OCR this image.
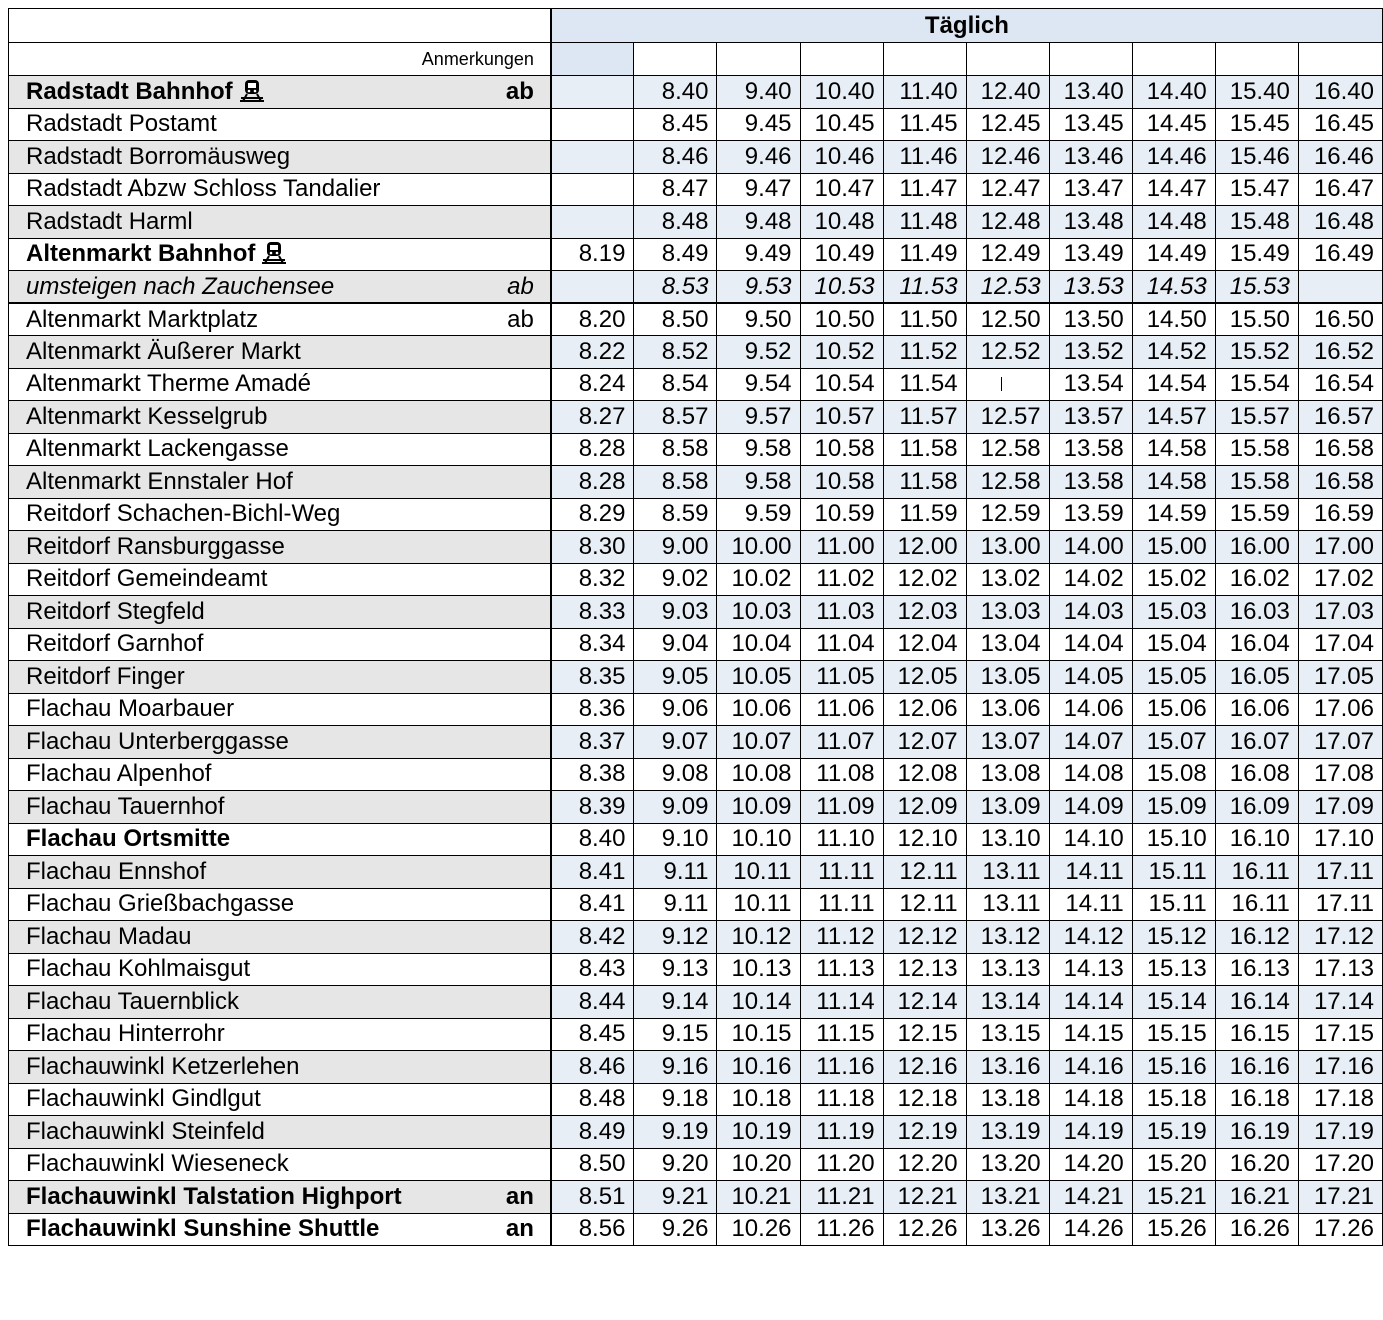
	Täglich									
Anmerkungen										
Radstadt Bahnhof ab		8.40	9.40	10.40	11.40	12.40	13.40	14.40	15.40	16.40
Radstadt Postamt		8.45	9.45	10.45	11.45	12.45	13.45	14.45	15.45	16.45
Radstadt Borromäusweg		8.46	9.46	10.46	11.46	12.46	13.46	14.46	15.46	16.46
Radstadt Abzw Schloss Tandalier		8.47	9.47	10.47	11.47	12.47	13.47	14.47	15.47	16.47
Radstadt Harml		8.48	9.48	10.48	11.48	12.48	13.48	14.48	15.48	16.48
Altenmarkt Bahnhof	8.19	8.49	9.49	10.49	11.49	12.49	13.49	14.49	15.49	16.49
umsteigen nach Zauchensee ab		8.53	9.53	10.53	11.53	12.53	13.53	14.53	15.53	
Altenmarkt Marktplatz ab	8.20	8.50	9.50	10.50	11.50	12.50	13.50	14.50	15.50	16.50
Altenmarkt Äußerer Markt	8.22	8.52	9.52	10.52	11.52	12.52	13.52	14.52	15.52	16.52
Altenmarkt Therme Amadé	8.24	8.54	9.54	10.54	11.54		13.54	14.54	15.54	16.54
Altenmarkt Kesselgrub	8.27	8.57	9.57	10.57	11.57	12.57	13.57	14.57	15.57	16.57
Altenmarkt Lackengasse	8.28	8.58	9.58	10.58	11.58	12.58	13.58	14.58	15.58	16.58
Altenmarkt Ennstaler Hof	8.28	8.58	9.58	10.58	11.58	12.58	13.58	14.58	15.58	16.58
Reitdorf Schachen-Bichl-Weg	8.29	8.59	9.59	10.59	11.59	12.59	13.59	14.59	15.59	16.59
Reitdorf Ransburggasse	8.30	9.00	10.00	11.00	12.00	13.00	14.00	15.00	16.00	17.00
Reitdorf Gemeindeamt	8.32	9.02	10.02	11.02	12.02	13.02	14.02	15.02	16.02	17.02
Reitdorf Stegfeld	8.33	9.03	10.03	11.03	12.03	13.03	14.03	15.03	16.03	17.03
Reitdorf Garnhof	8.34	9.04	10.04	11.04	12.04	13.04	14.04	15.04	16.04	17.04
Reitdorf Finger	8.35	9.05	10.05	11.05	12.05	13.05	14.05	15.05	16.05	17.05
Flachau Moarbauer	8.36	9.06	10.06	11.06	12.06	13.06	14.06	15.06	16.06	17.06
Flachau Unterberggasse	8.37	9.07	10.07	11.07	12.07	13.07	14.07	15.07	16.07	17.07
Flachau Alpenhof	8.38	9.08	10.08	11.08	12.08	13.08	14.08	15.08	16.08	17.08
Flachau Tauernhof	8.39	9.09	10.09	11.09	12.09	13.09	14.09	15.09	16.09	17.09
Flachau Ortsmitte	8.40	9.10	10.10	11.10	12.10	13.10	14.10	15.10	16.10	17.10
Flachau Ennshof	8.41	9.11	10.11	11.11	12.11	13.11	14.11	15.11	16.11	17.11
Flachau Grießbachgasse	8.41	9.11	10.11	11.11	12.11	13.11	14.11	15.11	16.11	17.11
Flachau Madau	8.42	9.12	10.12	11.12	12.12	13.12	14.12	15.12	16.12	17.12
Flachau Kohlmaisgut	8.43	9.13	10.13	11.13	12.13	13.13	14.13	15.13	16.13	17.13
Flachau Tauernblick	8.44	9.14	10.14	11.14	12.14	13.14	14.14	15.14	16.14	17.14
Flachau Hinterrohr	8.45	9.15	10.15	11.15	12.15	13.15	14.15	15.15	16.15	17.15
Flachauwinkl Ketzerlehen	8.46	9.16	10.16	11.16	12.16	13.16	14.16	15.16	16.16	17.16
Flachauwinkl Gindlgut	8.48	9.18	10.18	11.18	12.18	13.18	14.18	15.18	16.18	17.18
Flachauwinkl Steinfeld	8.49	9.19	10.19	11.19	12.19	13.19	14.19	15.19	16.19	17.19
Flachauwinkl Wieseneck	8.50	9.20	10.20	11.20	12.20	13.20	14.20	15.20	16.20	17.20
Flachauwinkl Talstation Highport an	8.51	9.21	10.21	11.21	12.21	13.21	14.21	15.21	16.21	17.21
Flachauwinkl Sunshine Shuttle an	8.56	9.26	10.26	11.26	12.26	13.26	14.26	15.26	16.26	17.26
